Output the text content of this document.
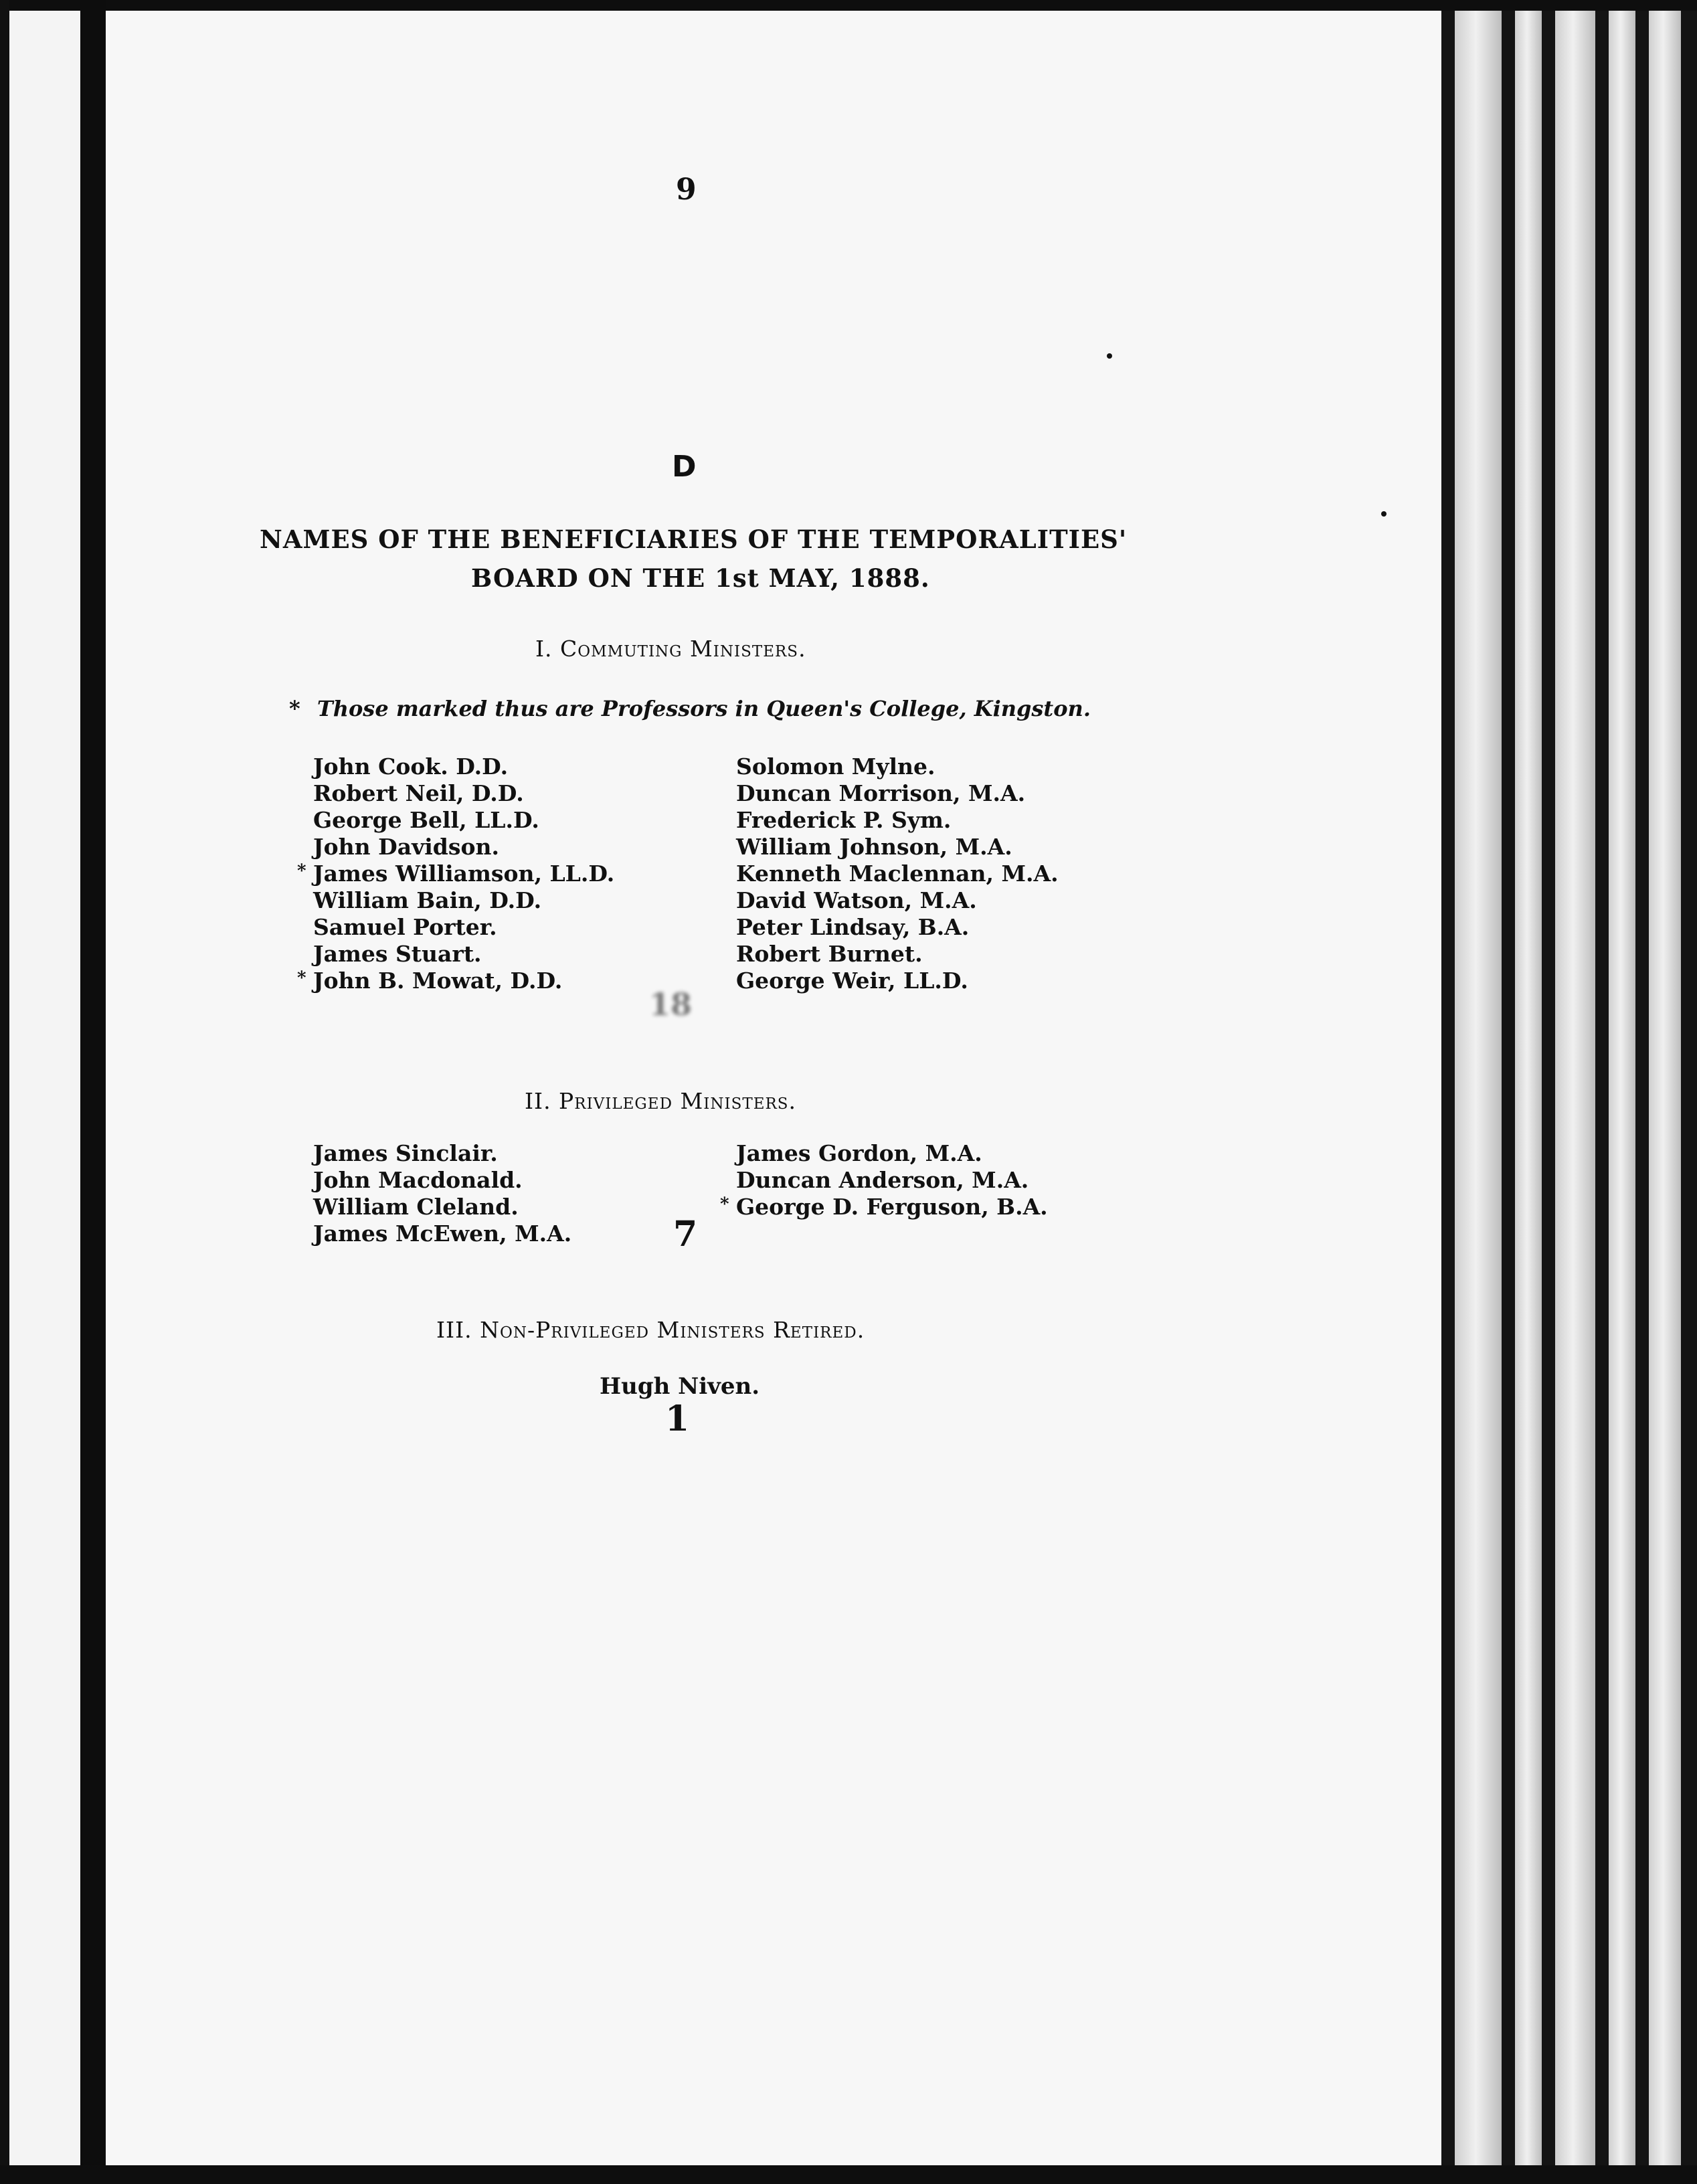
9
D
NAMES OF THE BENEFICIARIES OF THE TEMPORALITIES'
BOARD ON THE 1st MAY, 1888.
I. Commuting Ministers.
* Those marked thus are Professors in Queen's College, Kingston.
John Cook. D.D.
Robert Neil, D.D.
George Bell, LL.D.
John Davidson.
* James Williamson, LL.D.
William Bain, D.D.
Samuel Porter.
James Stuart.
* John B. Mowat, D.D.
Solomon Mylne.
Duncan Morrison, M.A.
Frederick P. Sym.
William Johnson, M.A.
Kenneth Maclennan, M.A.
David Watson, M.A.
Peter Lindsay, B.A.
Robert Burnet.
George Weir, LL.D.
18
II. Privileged Ministers.
James Sinclair.
John Macdonald.
William Cleland.
James McEwen, M.A.
James Gordon, M.A.
Duncan Anderson, M.A.
* George D. Ferguson, B.A.
7
III. Non-Privileged Ministers Retired.
Hugh Niven.
1
